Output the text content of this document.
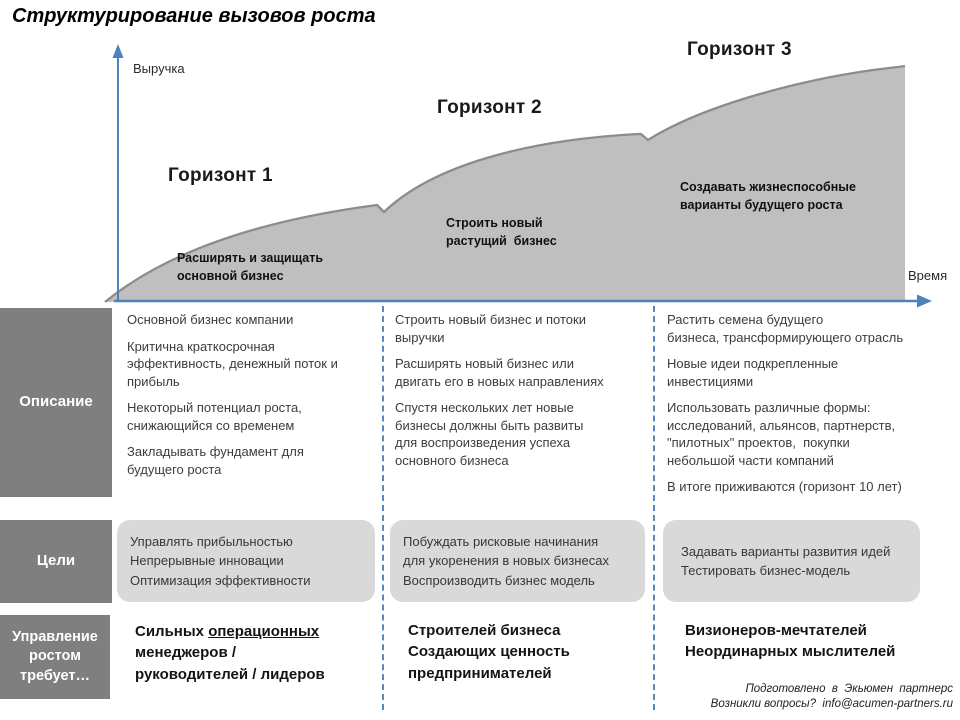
Структурирование вызовов роста
Выручка
Время
Горизонт 1
Горизонт 2
Горизонт 3
Расширять и защищать
основной бизнес
Строить новый
растущий  бизнес
Создавать жизнеспособные
варианты будущего роста
Описание
Основной бизнес компании
Критична краткосрочная
эффективность, денежный поток и
прибыль
Некоторый потенциал роста,
снижающийся со временем
Закладывать фундамент для
будущего роста
Строить новый бизнес и потоки
выручки
Расширять новый бизнес или
двигать его в новых направлениях
Спустя нескольких лет новые
бизнесы должны быть развиты
для воспроизведения успеха
основного бизнеса
Растить семена будущего
бизнеса, трансформирующего отрасль
Новые идеи подкрепленные
инвестициями
Использовать различные формы:
исследований, альянсов, партнерств,
"пилотных" проектов,  покупки
небольшой части компаний
В итоге приживаются (горизонт 10 лет)
Цели
Управлять прибыльностью
Непрерывные инновации
Оптимизация эффективности
Побуждать рисковые начинания
для укоренения в новых бизнесах
Воспроизводить бизнес модель
Задавать варианты развития идей
Тестировать бизнес-модель
Управление
ростом
требует…
Сильных операционных
менеджеров /
руководителей / лидеров
Строителей бизнеса
Создающих ценность
предпринимателей
Визионеров-мечтателей
Неординарных мыслителей
Подготовлено  в  Экьюмен  партнерс
Возникли вопросы?  info@acumen-partners.ru
